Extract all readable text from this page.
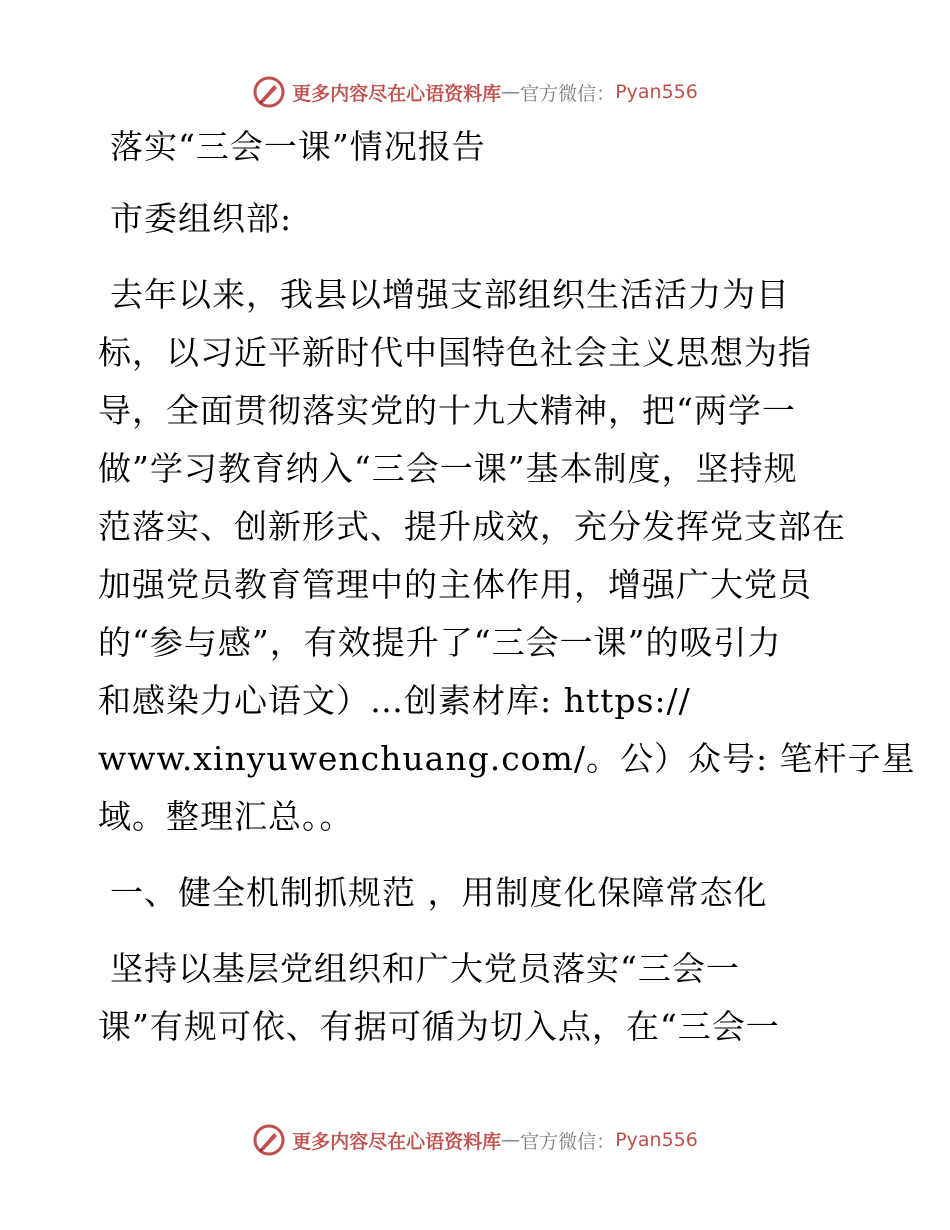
更多内容尽在心语资料库 — 官方微信： Pyan556
落实“三会一课”情况报告
市委组织部:
去年以来，我县以增强支部组织生活活力为目
标，以习近平新时代中国特色社会主义思想为指
导，全面贯彻落实党的十九大精神，把“两学一
做”学习教育纳入“三会一课”基本制度，坚持规
范落实、创新形式、提升成效，充分发挥党支部在
加强党员教育管理中的主体作用，增强广大党员
的“参与感”，有效提升了“三会一课”的吸引力
和感染力心语文）…创素材库: https://
www.xinyuwenchuang.com/。公）众号: 笔杆子星
域。整理汇总。。
一、健全机制抓规范 ，用制度化保障常态化
坚持以基层党组织和广大党员落实“三会一
课”有规可依、有据可循为切入点，在“三会一
更多内容尽在心语资料库 — 官方微信： Pyan556
